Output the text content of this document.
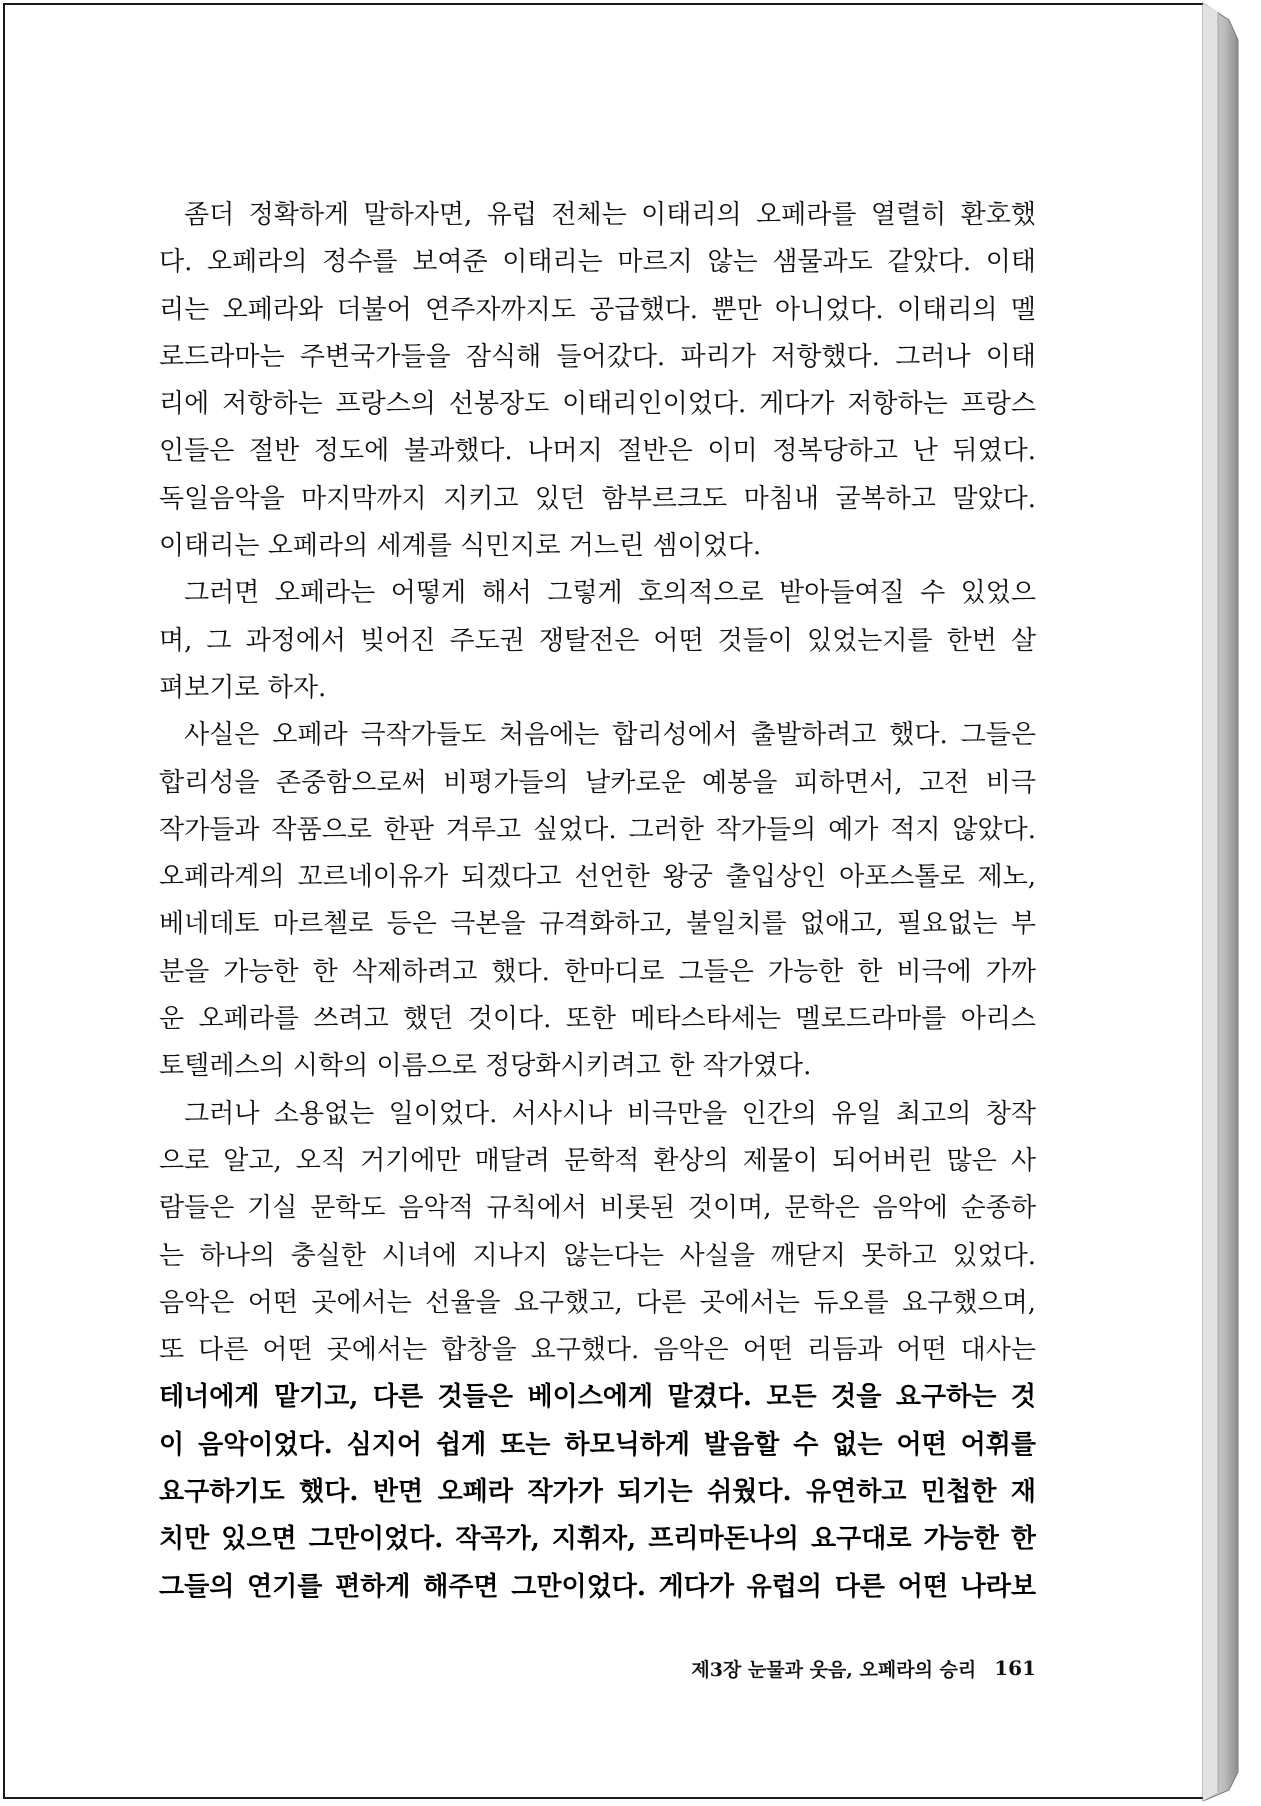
좀더 정확하게 말하자면, 유럽 전체는 이태리의 오페라를 열렬히 환호했
다. 오페라의 정수를 보여준 이태리는 마르지 않는 샘물과도 같았다. 이태
리는 오페라와 더불어 연주자까지도 공급했다. 뿐만 아니었다. 이태리의 멜
로드라마는 주변국가들을 잠식해 들어갔다. 파리가 저항했다. 그러나 이태
리에 저항하는 프랑스의 선봉장도 이태리인이었다. 게다가 저항하는 프랑스
인들은 절반 정도에 불과했다. 나머지 절반은 이미 정복당하고 난 뒤였다.
독일음악을 마지막까지 지키고 있던 함부르크도 마침내 굴복하고 말았다.
이태리는 오페라의 세계를 식민지로 거느린 셈이었다.
그러면 오페라는 어떻게 해서 그렇게 호의적으로 받아들여질 수 있었으
며, 그 과정에서 빚어진 주도권 쟁탈전은 어떤 것들이 있었는지를 한번 살
펴보기로 하자.
사실은 오페라 극작가들도 처음에는 합리성에서 출발하려고 했다. 그들은
합리성을 존중함으로써 비평가들의 날카로운 예봉을 피하면서, 고전 비극
작가들과 작품으로 한판 겨루고 싶었다. 그러한 작가들의 예가 적지 않았다.
오페라계의 꼬르네이유가 되겠다고 선언한 왕궁 출입상인 아포스톨로 제노,
베네데토 마르첼로 등은 극본을 규격화하고, 불일치를 없애고, 필요없는 부
분을 가능한 한 삭제하려고 했다. 한마디로 그들은 가능한 한 비극에 가까
운 오페라를 쓰려고 했던 것이다. 또한 메타스타세는 멜로드라마를 아리스
토텔레스의 시학의 이름으로 정당화시키려고 한 작가였다.
그러나 소용없는 일이었다. 서사시나 비극만을 인간의 유일 최고의 창작
으로 알고, 오직 거기에만 매달려 문학적 환상의 제물이 되어버린 많은 사
람들은 기실 문학도 음악적 규칙에서 비롯된 것이며, 문학은 음악에 순종하
는 하나의 충실한 시녀에 지나지 않는다는 사실을 깨닫지 못하고 있었다.
음악은 어떤 곳에서는 선율을 요구했고, 다른 곳에서는 듀오를 요구했으며,
또 다른 어떤 곳에서는 합창을 요구했다. 음악은 어떤 리듬과 어떤 대사는
테너에게 맡기고, 다른 것들은 베이스에게 맡겼다. 모든 것을 요구하는 것
이 음악이었다. 심지어 쉽게 또는 하모닉하게 발음할 수 없는 어떤 어휘를
요구하기도 했다. 반면 오페라 작가가 되기는 쉬웠다. 유연하고 민첩한 재
치만 있으면 그만이었다. 작곡가, 지휘자, 프리마돈나의 요구대로 가능한 한
그들의 연기를 편하게 해주면 그만이었다. 게다가 유럽의 다른 어떤 나라보
제3장 눈물과 웃음, 오페라의 승리 161
